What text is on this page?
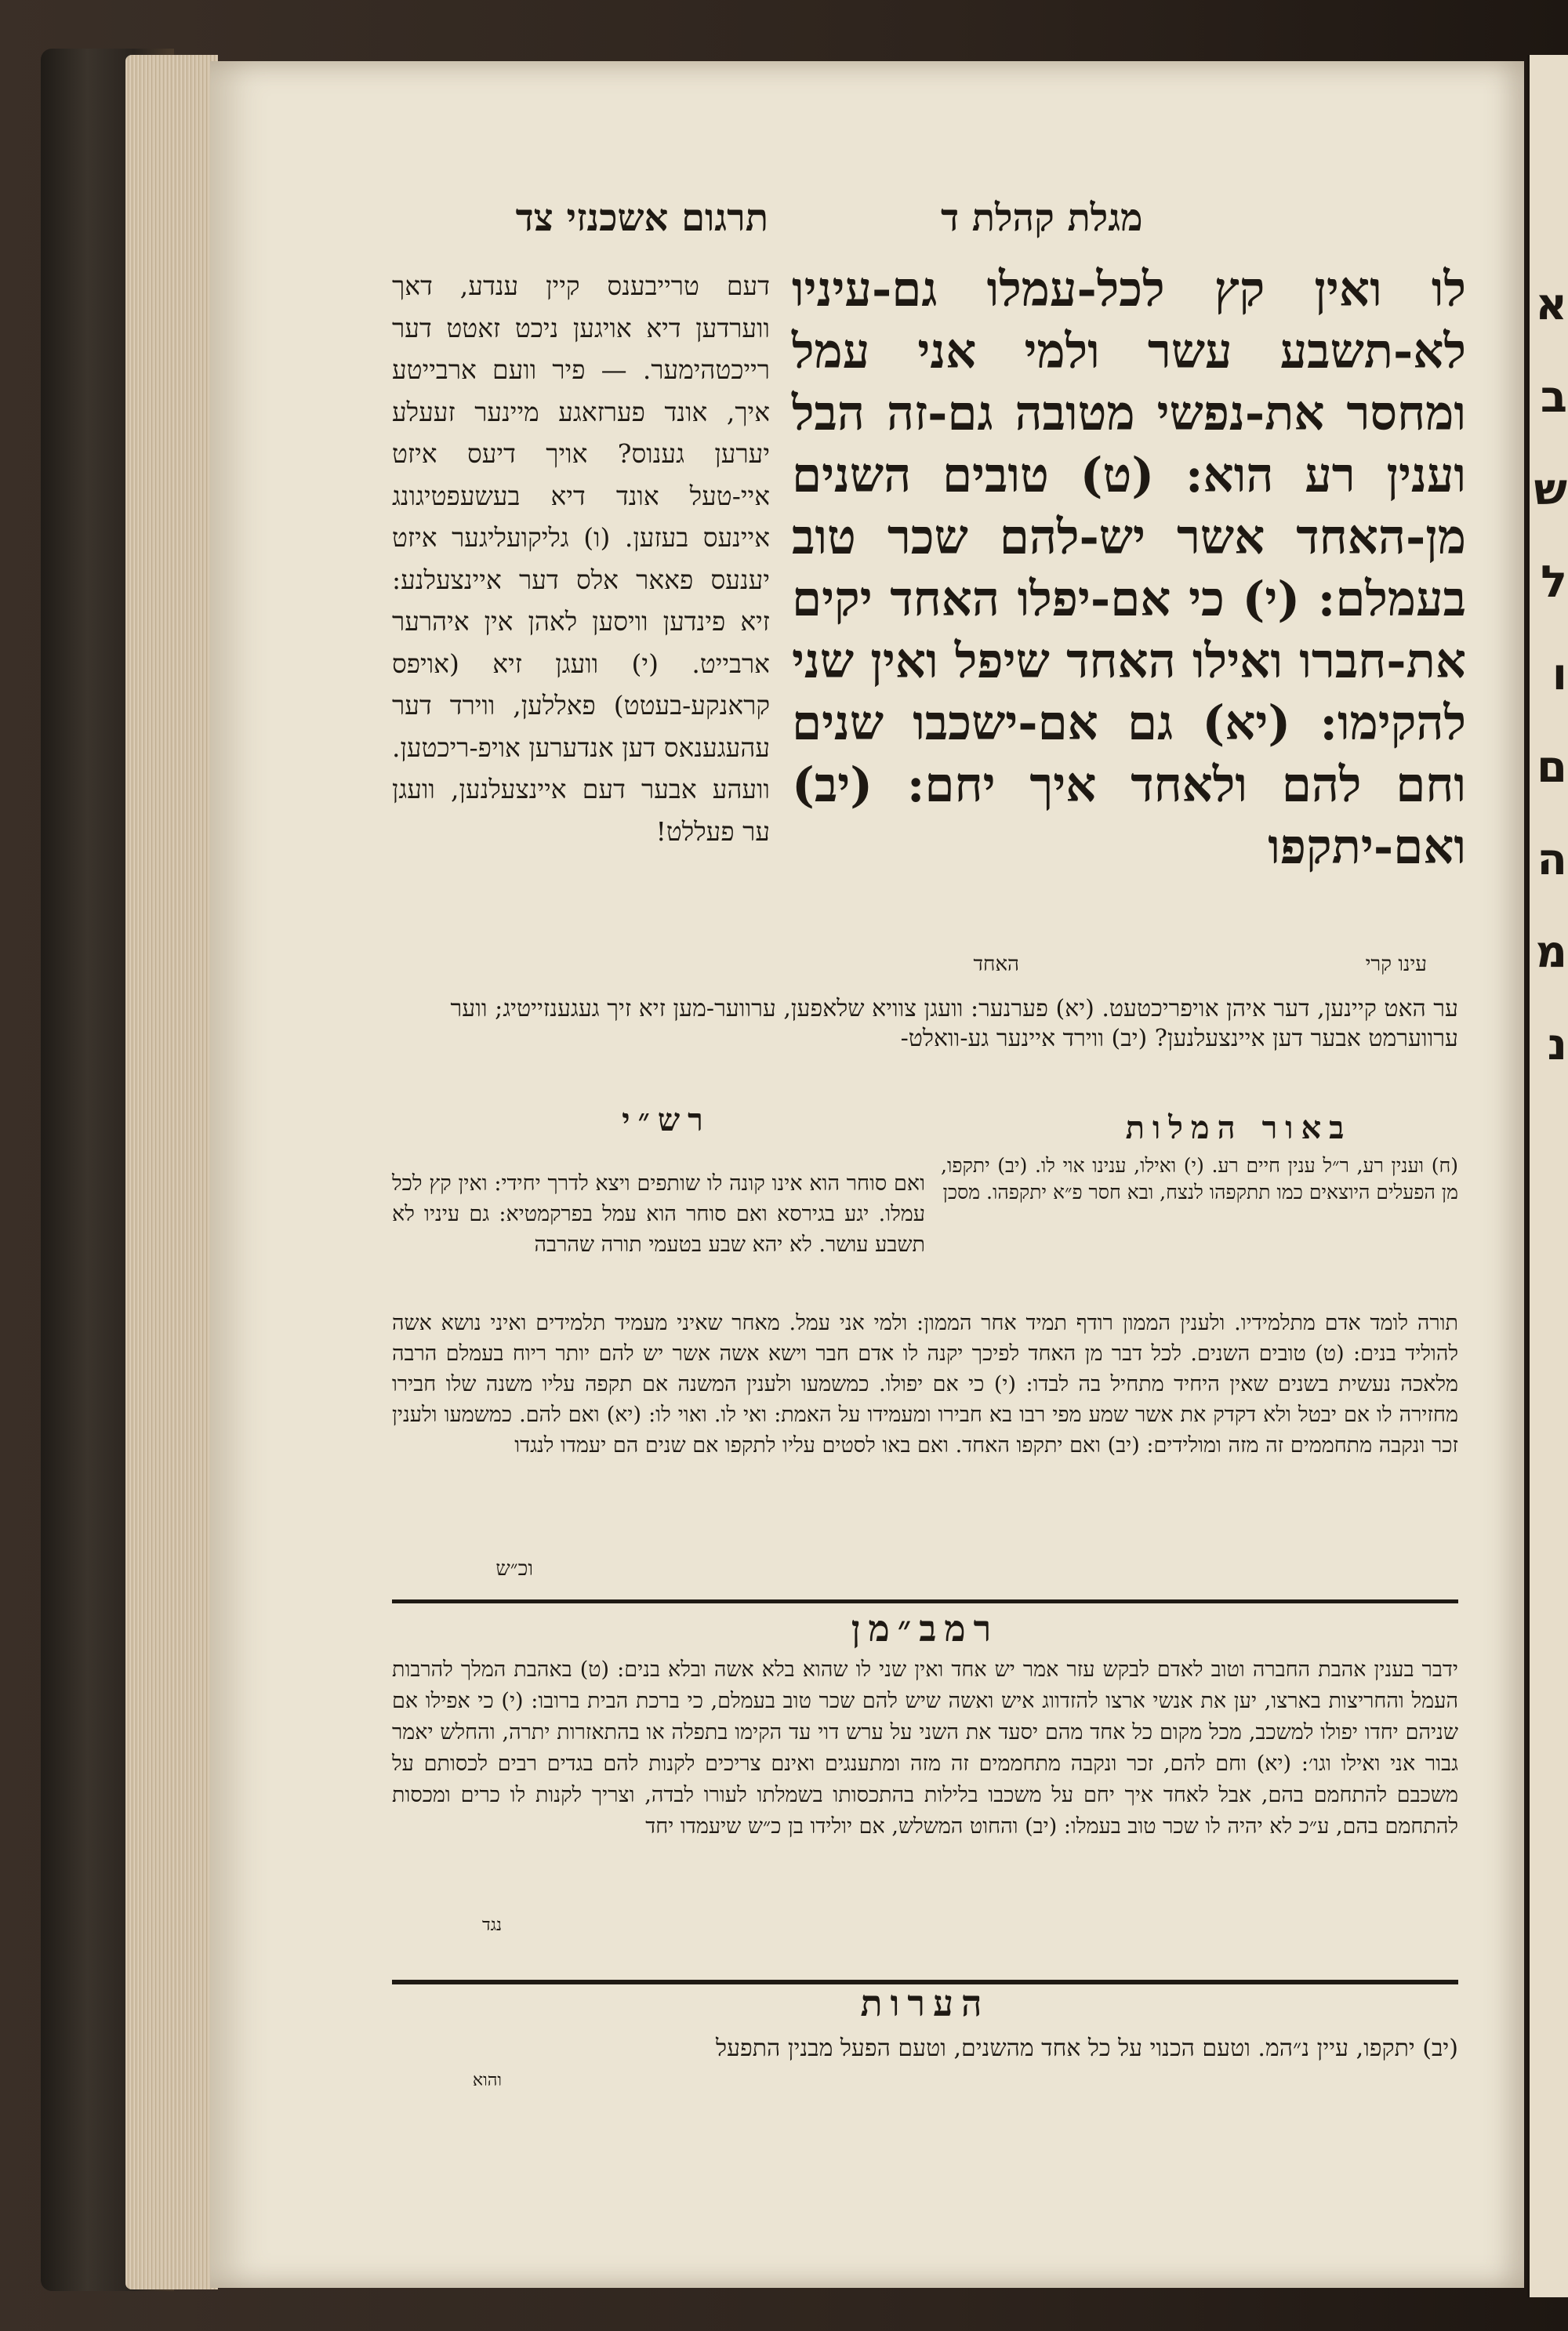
אבשלוםהמנ
תרגום אשכנזי צד	מגלת קהלת ד
לו ואין קץ לכל-עמלו גם-עיניו לא-תשבע עשר ולמי אני עמל ומחסר את-נפשי מטובה גם-זה הבל וענין רע הוא: (ט) טובים השנים מן-האחד אשר יש-להם שכר טוב בעמלם: (י) כי אם-יפלו האחד יקים את-חברו ואילו האחד שיפל ואין שני להקימו: (יא) גם אם-ישכבו שנים וחם להם ולאחד איך יחם: (יב) ואם-יתקפו
עינו קרי
האחד
דעם טרייבענס קיין ענדע, דאך ווערדען דיא אויגען ניכט זאטט דער רייכטהימער. — פיר וועם ארבייטע איך, אונד פערזאגע מיינער זעעלע יערען גענוס? אויך דיעס איזט איי-טעל אונד דיא בעשעפטיגונג איינעס בעזען. (ו) גליקועליגער איזט יענעס פאאר אלס דער איינצעלנע: זיא פינדען וויסען לאהן אין איהרער ארבייט. (י) וועגן זיא (אויפס קראנקע-בעטט) פאללען, ווירד דער עהעגענאס דען אנדערען אויפ-ריכטען. וועהע אבער דעם איינצעלנען, וועגן ער פעללט!
ער האט קיינען, דער איהן אויפריכטעט. (יא) פערנער: וועגן צוויא שלאפען, ערווער-מען זיא זיך געגענזייטיג; ווער ערווערמט אבער דען איינצעלנען? (יב) ווירד איינער גע-וואלט-
באור המלות
(ח) וענין רע, ר״ל ענין חיים רע. (י) ואילו, ענינו אוי לו. (יב) יתקפו, מן הפעלים היוצאים כמו תתקפהו לנצח, ובא חסר פ״א יתקפהו. מסכן
רש״י
ואם סוחר הוא אינו קונה לו שותפים ויצא לדרך יחידי: ואין קץ לכל עמלו. יגע בגירסא ואם סוחר הוא עמל בפרקמטיא: גם עיניו לא תשבע עושר. לא יהא שבע בטעמי תורה שהרבה
תורה לומד אדם מתלמידיו. ולענין הממון רודף תמיד אחר הממון: ולמי אני עמל. מאחר שאיני מעמיד תלמידים ואיני נושא אשה להוליד בנים: (ט) טובים השנים. לכל דבר מן האחד לפיכך יקנה לו אדם חבר וישא אשה אשר יש להם יותר ריוח בעמלם הרבה מלאכה נעשית בשנים שאין היחיד מתחיל בה לבדו: (י) כי אם יפולו. כמשמעו ולענין המשנה אם תקפה עליו משנה שלו חבירו מחזירה לו אם יבטל ולא דקדק את אשר שמע מפי רבו בא חבירו ומעמידו על האמת: ואי לו. ואוי לו: (יא) ואם להם. כמשמעו ולענין זכר ונקבה מתחממים זה מזה ומולידים: (יב) ואם יתקפו האחד. ואם באו לסטים עליו לתקפו אם שנים הם יעמדו לנגדו
וכ״ש
רמב״מן
ידבר בענין אהבת החברה וטוב לאדם לבקש עזר אמר יש אחד ואין שני לו שהוא בלא אשה ובלא בנים: (ט) באהבת המלך להרבות העמל והחריצות בארצו, יען את אנשי ארצו להזדווג איש ואשה שיש להם שכר טוב בעמלם, כי ברכת הבית ברובו: (י) כי אפילו אם שניהם יחדו יפולו למשכב, מכל מקום כל אחד מהם יסעד את השני על ערש דוי עד הקימו בתפלה או בהתאזרות יתרה, והחלש יאמר גבור אני ואילו וגו׳: (יא) וחם להם, זכר ונקבה מתחממים זה מזה ומתענגים ואינם צריכים לקנות להם בגדים רבים לכסותם על משכבם להתחמם בהם, אבל לאחד איך יחם על משכבו בלילות בהתכסותו בשמלתו לעורו לבדה, וצריך לקנות לו כרים ומכסות להתחמם בהם, ע״כ לא יהיה לו שכר טוב בעמלו: (יב) והחוט המשלש, אם יולידו בן כ״ש שיעמדו יחד
נגד
הערות
(יב) יתקפו, עיין נ״המ. וטעם הכנוי על כל אחד מהשנים, וטעם הפעל מבנין התפעל
והוא
